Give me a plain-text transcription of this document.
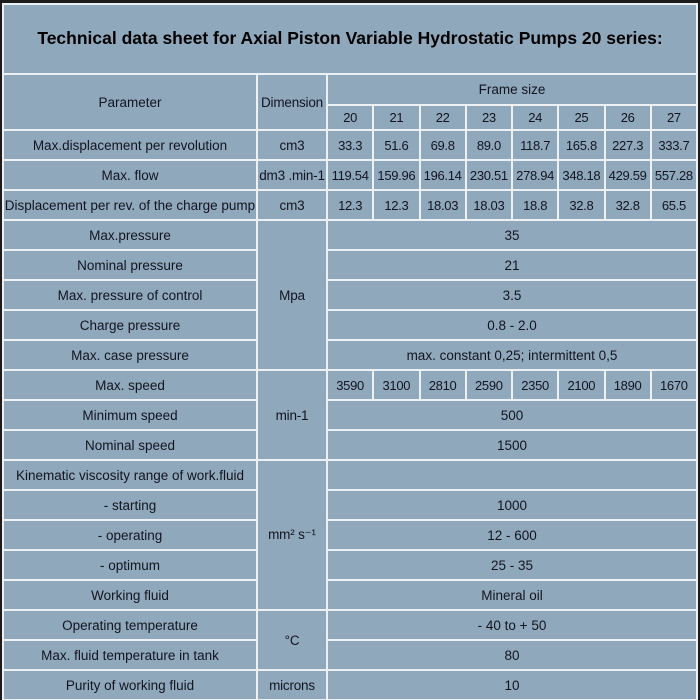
Technical data sheet for Axial Piston Variable Hydrostatic Pumps 20 series:									
Parameter	Dimension	Frame size							
		20	21	22	23	24	25	26	27
Max.displacement per revolution	cm3	33.3	51.6	69.8	89.0	118.7	165.8	227.3	333.7
Max. flow	dm3 .min-1	119.54	159.96	196.14	230.51	278.94	348.18	429.59	557.28
Displacement per rev. of the charge pump	cm3	12.3	12.3	18.03	18.03	18.8	32.8	32.8	65.5
Max.pressure	Mpa	35							
Nominal pressure		21							
Max. pressure of control		3.5							
Charge pressure		0.8 - 2.0							
Max. case pressure		max. constant 0,25; intermittent 0,5							
Max. speed	min-1	3590	3100	2810	2590	2350	2100	1890	1670
Minimum speed		500							
Nominal speed		1500							
Kinematic viscosity range of work.fluid	mm² s⁻¹								
- starting		1000							
- operating		12 - 600							
- optimum		25 - 35							
Working fluid		Mineral oil							
Operating temperature	°C	- 40 to + 50							
Max. fluid temperature in tank		80							
Purity of working fluid	microns	10							
